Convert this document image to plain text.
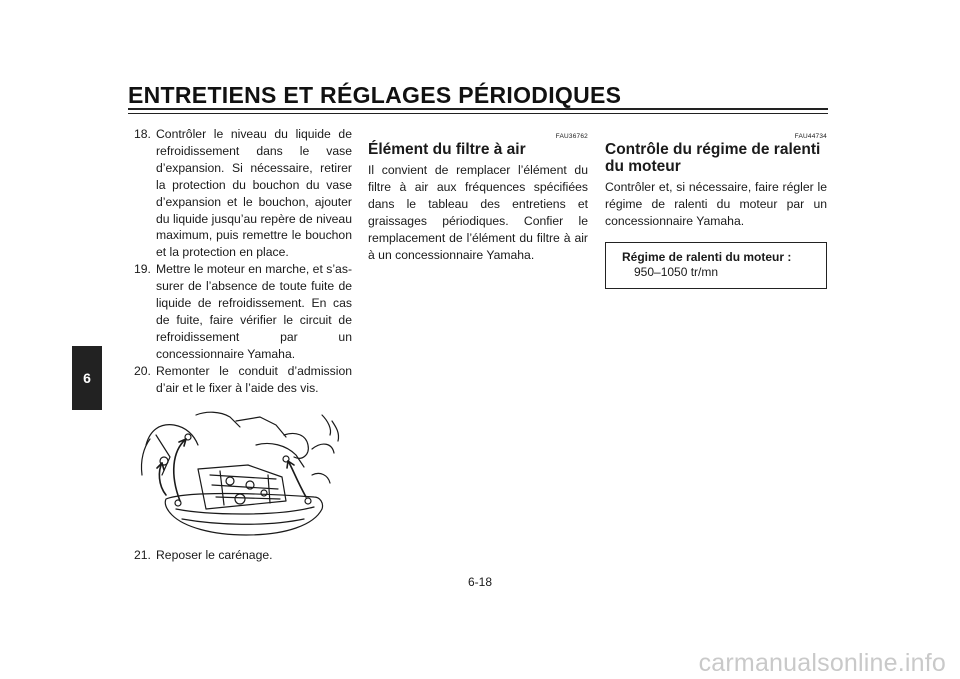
ENTRETIENS ET RÉGLAGES PÉRIODIQUES
6
18. Contrôler le niveau du liquide de refroidissement dans le vase d’expansion. Si nécessaire, retirer la protection du bouchon du vase d’expansion et le bouchon, ajouter du liquide jusqu’au repère de niveau maximum, puis remettre le bouchon et la protection en place.
19. Mettre le moteur en marche, et s’assurer de l’absence de toute fuite de liquide de refroidissement. En cas de fuite, faire vérifier le circuit de refroidissement par un concessionnaire Yamaha.
20. Remonter le conduit d’admission d’air et le fixer à l’aide des vis.
21. Reposer le carénage.
FAU36762
Élément du filtre à air
Il convient de remplacer l’élément du filtre à air aux fréquences spécifiées dans le tableau des entretiens et graissages périodiques. Confier le remplacement de l’élément du filtre à air à un concessionnaire Yamaha.
FAU44734
Contrôle du régime de ralenti du moteur
Contrôler et, si nécessaire, faire régler le régime de ralenti du moteur par un concessionnaire Yamaha.
Régime de ralenti du moteur :
950–1050 tr/mn
6-18
carmanualsonline.info
